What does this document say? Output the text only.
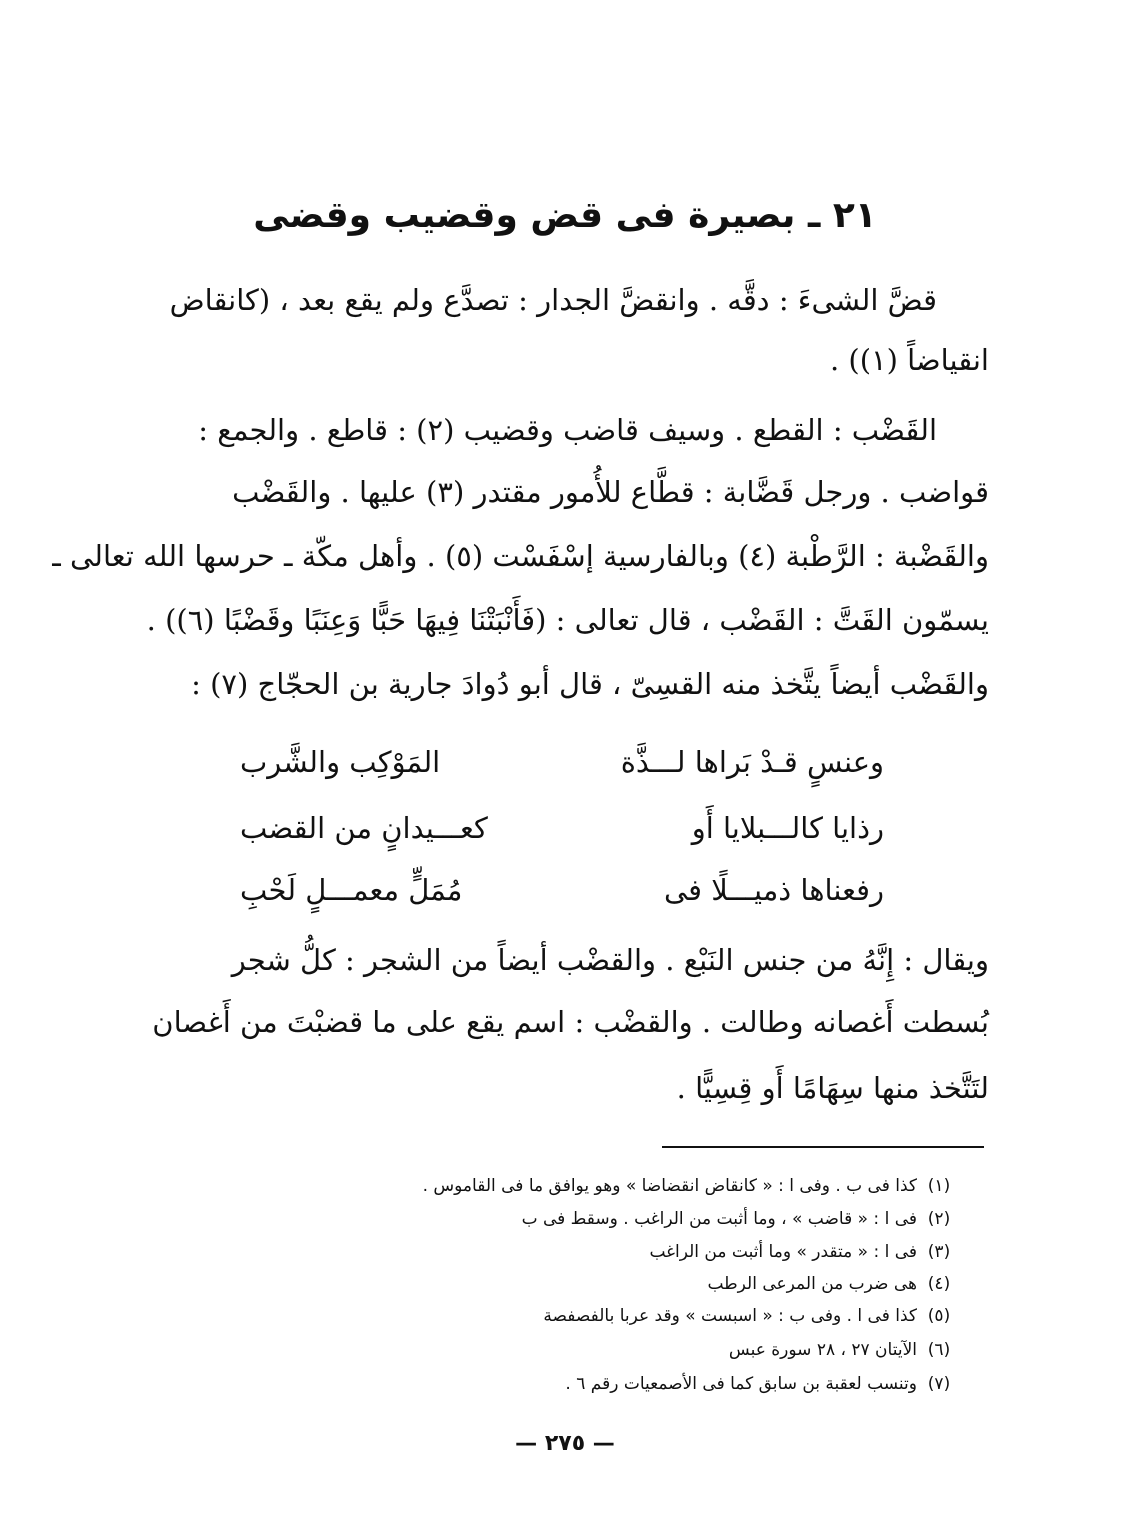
٢١ ـ بصيرة فى قض وقضيب وقضى
قضَّ الشىءَ : دقَّه . وانقضَّ الجدار : تصدَّع ولم يقع بعد ، (كانقاض
انقياضاً (١)) .
القَضْب : القطع . وسيف قاضب وقضيب (٢) : قاطع . والجمع :
قواضب . ورجل قَضَّابة : قطَّاع للأُمور مقتدر (٣) عليها . والقَضْب
والقَضْبة : الرَّطْبة (٤) وبالفارسية إسْفَسْت (٥) . وأهل مكّة ـ حرسها الله تعالى ـ
يسمّون القَتَّ : القَضْب ، قال تعالى : (فَأَنْبَتْنَا فِيهَا حَبًّا وَعِنَبًا وقَضْبًا (٦)) .
والقَضْب أيضاً يتَّخذ منه القسِىّ ، قال أبو دُوادَ جارية بن الحجّاج (٧) :
وعنسٍ قـدْ بَراها لـــذَّة
المَوْكِب والشَّرب
رذايا كالـــبلايا أَو
كعـــيدانٍ من القضب
رفعناها ذميـــلًا فى
مُمَلٍّ معمـــلٍ لَحْبِ
ويقال : إِنَّهُ من جنس النَبْع . والقضْب أيضاً من الشجر : كلُّ شجر
بُسطت أَغصانه وطالت . والقضْب : اسم يقع على ما قضبْتَ من أَغصان
لتَتَّخذ منها سِهَامًا أَو قِسِيًّا .
(١)كذا فى ب . وفى ا : « كانقاض انقضاضا » وهو يوافق ما فى القاموس .
(٢)فى ا : « قاضب » ، وما أثبت من الراغب . وسقط فى ب
(٣)فى ا : « متقدر » وما أثبت من الراغب
(٤)هى ضرب من المرعى الرطب
(٥)كذا فى ا . وفى ب : « اسبست » وقد عربا بالفصفصة
(٦)الآيتان ٢٧ ، ٢٨ سورة عبس
(٧)وتنسب لعقبة بن سابق كما فى الأصمعيات رقم ٦ .
— ٢٧٥ —
